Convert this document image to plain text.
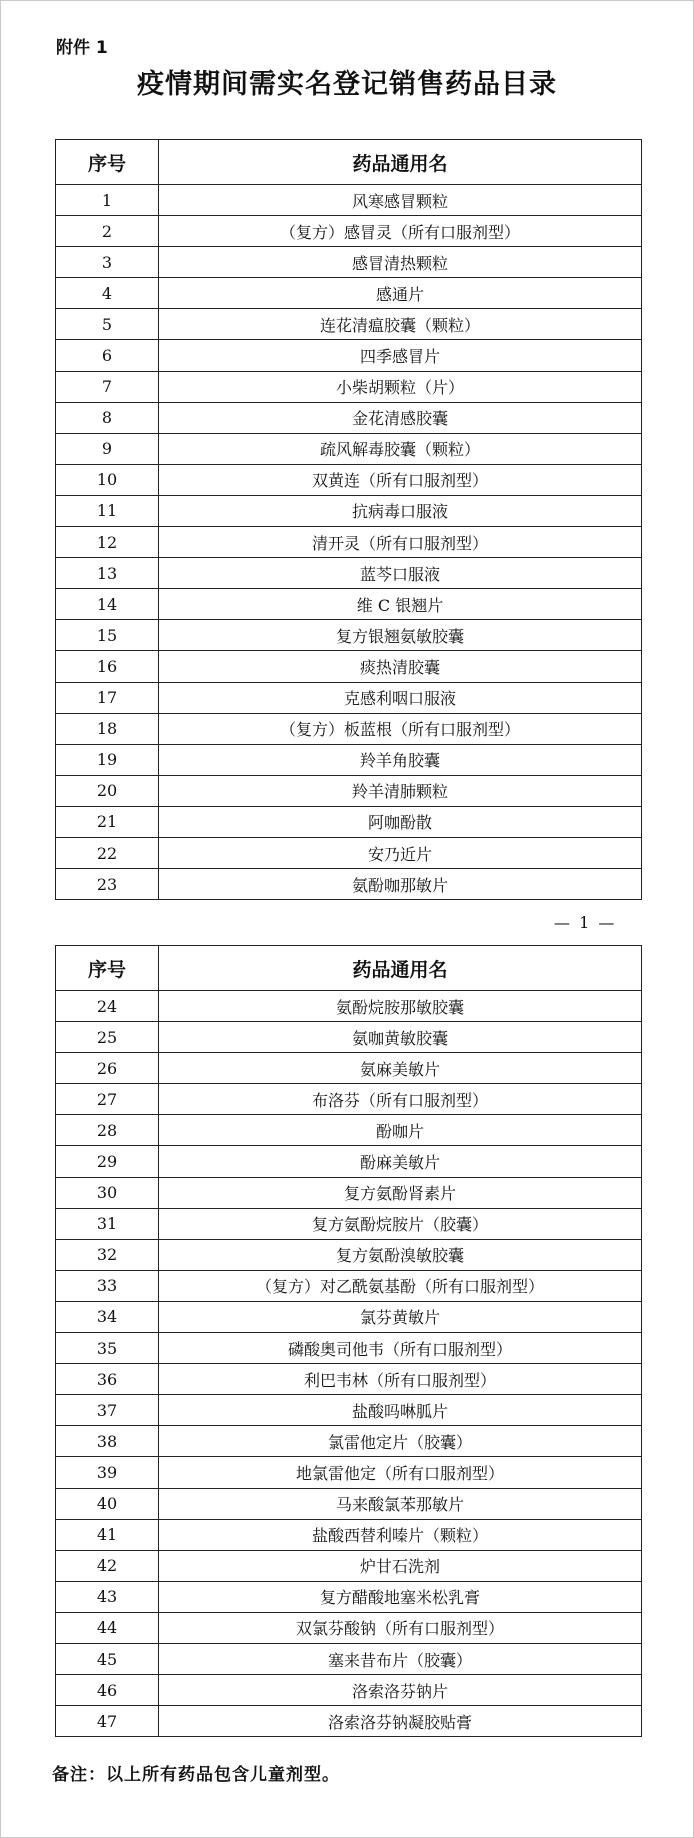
附件 1
疫情期间需实名登记销售药品目录
序号	药品通用名
1	风寒感冒颗粒
2	（复方）感冒灵（所有口服剂型）
3	感冒清热颗粒
4	感通片
5	连花清瘟胶囊（颗粒）
6	四季感冒片
7	小柴胡颗粒（片）
8	金花清感胶囊
9	疏风解毒胶囊（颗粒）
10	双黄连（所有口服剂型）
11	抗病毒口服液
12	清开灵（所有口服剂型）
13	蓝芩口服液
14	维 C 银翘片
15	复方银翘氨敏胶囊
16	痰热清胶囊
17	克感利咽口服液
18	（复方）板蓝根（所有口服剂型）
19	羚羊角胶囊
20	羚羊清肺颗粒
21	阿咖酚散
22	安乃近片
23	氨酚咖那敏片
— 1 —
序号	药品通用名
24	氨酚烷胺那敏胶囊
25	氨咖黄敏胶囊
26	氨麻美敏片
27	布洛芬（所有口服剂型）
28	酚咖片
29	酚麻美敏片
30	复方氨酚肾素片
31	复方氨酚烷胺片（胶囊）
32	复方氨酚溴敏胶囊
33	（复方）对乙酰氨基酚（所有口服剂型）
34	氯芬黄敏片
35	磷酸奥司他韦（所有口服剂型）
36	利巴韦林（所有口服剂型）
37	盐酸吗啉胍片
38	氯雷他定片（胶囊）
39	地氯雷他定（所有口服剂型）
40	马来酸氯苯那敏片
41	盐酸西替利嗪片（颗粒）
42	炉甘石洗剂
43	复方醋酸地塞米松乳膏
44	双氯芬酸钠（所有口服剂型）
45	塞来昔布片（胶囊）
46	洛索洛芬钠片
47	洛索洛芬钠凝胶贴膏
备注：以上所有药品包含儿童剂型。
